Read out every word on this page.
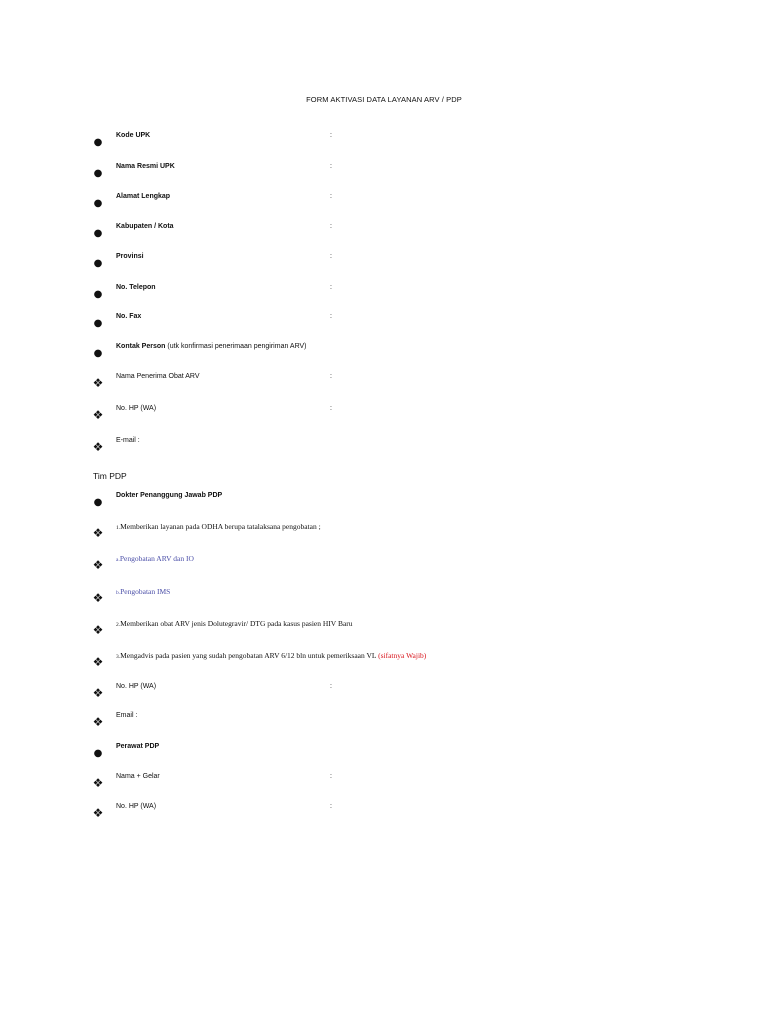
FORM AKTIVASI DATA LAYANAN ARV / PDP
●
Kode UPK	:
●
Nama Resmi UPK	:
●
Alamat Lengkap	:
●
Kabupaten / Kota	:
●
Provinsi	:
●
No. Telepon	:
●
No. Fax	:
●
Kontak Person (utk konfirmasi penerimaan pengiriman ARV)
❖	Nama Penerima Obat ARV	:
❖	No. HP (WA)	:
❖	E-mail :
Tim PDP
●
Dokter Penanggung Jawab PDP
❖	1.Memberikan layanan pada ODHA berupa tatalaksana pengobatan ;
❖	a.Pengobatan ARV dan IO
❖	b.Pengobatan IMS
❖	2.Memberikan obat ARV jenis Dolutegravir/ DTG pada kasus pasien HIV Baru
❖	3.Mengadvis pada pasien yang sudah pengobatan ARV 6/12 bln untuk pemeriksaan VL (sifatnya Wajib)
❖	No. HP (WA)	:
❖	Email :
●
Perawat PDP
❖	Nama + Gelar	:
❖	No. HP (WA)	:
